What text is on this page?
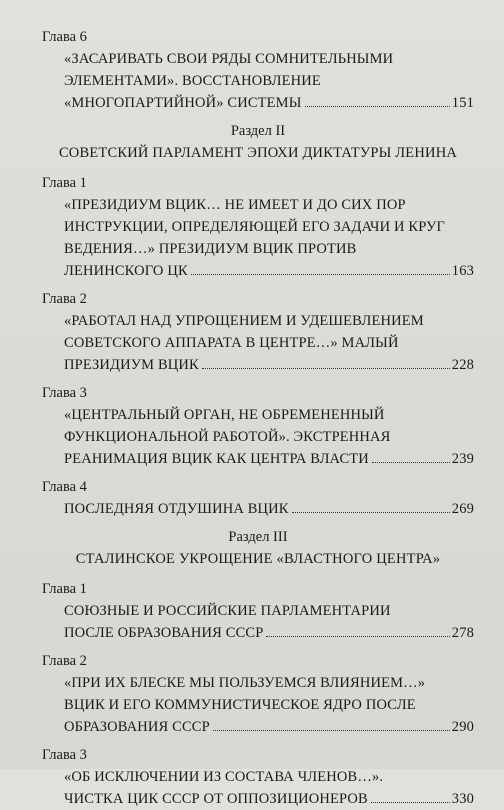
Глава 6
«ЗАСАРИВАТЬ СВОИ РЯДЫ СОМНИТЕЛЬНЫМИ
ЭЛЕМЕНТАМИ». ВОССТАНОВЛЕНИЕ
«МНОГОПАРТИЙНОЙ» СИСТЕМЫ	151
Раздел II
СОВЕТСКИЙ ПАРЛАМЕНТ ЭПОХИ ДИКТАТУРЫ ЛЕНИНА
Глава 1
«ПРЕЗИДИУМ ВЦИК… НЕ ИМЕЕТ И ДО СИХ ПОР
ИНСТРУКЦИИ, ОПРЕДЕЛЯЮЩЕЙ ЕГО ЗАДАЧИ И КРУГ
ВЕДЕНИЯ…» ПРЕЗИДИУМ ВЦИК ПРОТИВ
ЛЕНИНСКОГО ЦК	163
Глава 2
«РАБОТАЛ НАД УПРОЩЕНИЕМ И УДЕШЕВЛЕНИЕМ
СОВЕТСКОГО АППАРАТА В ЦЕНТРЕ…» МАЛЫЙ
ПРЕЗИДИУМ ВЦИК	228
Глава 3
«ЦЕНТРАЛЬНЫЙ ОРГАН, НЕ ОБРЕМЕНЕННЫЙ
ФУНКЦИОНАЛЬНОЙ РАБОТОЙ». ЭКСТРЕННАЯ
РЕАНИМАЦИЯ ВЦИК КАК ЦЕНТРА ВЛАСТИ	239
Глава 4
ПОСЛЕДНЯЯ ОТДУШИНА ВЦИК	269
Раздел III
СТАЛИНСКОЕ УКРОЩЕНИЕ «ВЛАСТНОГО ЦЕНТРА»
Глава 1
СОЮЗНЫЕ И РОССИЙСКИЕ ПАРЛАМЕНТАРИИ
ПОСЛЕ ОБРАЗОВАНИЯ СССР	278
Глава 2
«ПРИ ИХ БЛЕСКЕ МЫ ПОЛЬЗУЕМСЯ ВЛИЯНИЕМ…»
ВЦИК И ЕГО КОММУНИСТИЧЕСКОЕ ЯДРО ПОСЛЕ
ОБРАЗОВАНИЯ СССР	290
Глава 3
«ОБ ИСКЛЮЧЕНИИ ИЗ СОСТАВА ЧЛЕНОВ…».
ЧИСТКА ЦИК СССР ОТ ОППОЗИЦИОНЕРОВ	330
